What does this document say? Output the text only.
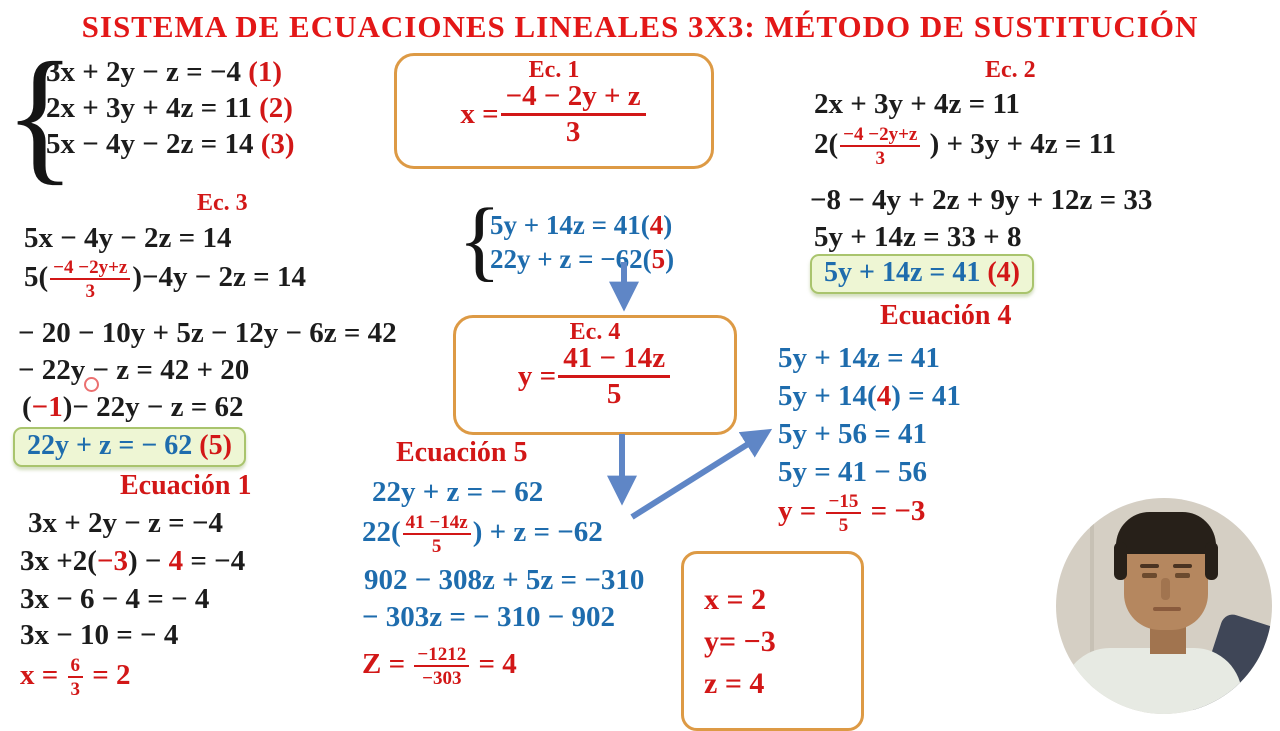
SISTEMA DE ECUACIONES LINEALES 3X3: MÉTODO DE SUSTITUCIÓN
{
3x + 2y − z = −4 (1)
2x + 3y + 4z = 11 (2)
5x − 4y − 2z = 14 (3)
Ec. 1
$x = \frac{-4 - 2y + z}{3}$
Ec. 2
2x + 3y + 4z = 11
$2( \frac{-4 -2y+z}{3}$ ) + 3y + 4z = 11
−8 − 4y + 2z + 9y + 12z = 33
5y + 14z = 33 + 8
5y + 14z = 41 (4)
Ecuación 4
5y + 14z = 41
5y + 14(4) = 41
5y + 56 = 41
5y = 41 − 56
$y = \frac{-15}{5} = -3$
Ec. 3
5x − 4y − 2z = 14
$5( \frac{-4 -2y+z}{3} )-4y - 2z = 14$
− 20 − 10y + 5z − 12y − 6z = 42
− 22y − z = 42 + 20
(−1)− 22y − z = 62
22y + z = − 62 (5)
Ecuación 1
3x + 2y − z = −4
3x +2(−3) − 4 = −4
3x − 6 − 4 = − 4
3x − 10 = − 4
$x = \frac{6}{3} = 2$
{
5y + 14z = 41(4)
22y + z = −62(5)
Ec. 4
$y = \frac{41 - 14z}{5}$
Ecuación 5
22y + z = − 62
$22( \frac{41 -14z}{5}$ ) + z = −62
902 − 308z + 5z = −310
− 303z = − 310 − 902
$Z = \frac{-1212}{-303} = 4$
x = 2
y= −3
z = 4
